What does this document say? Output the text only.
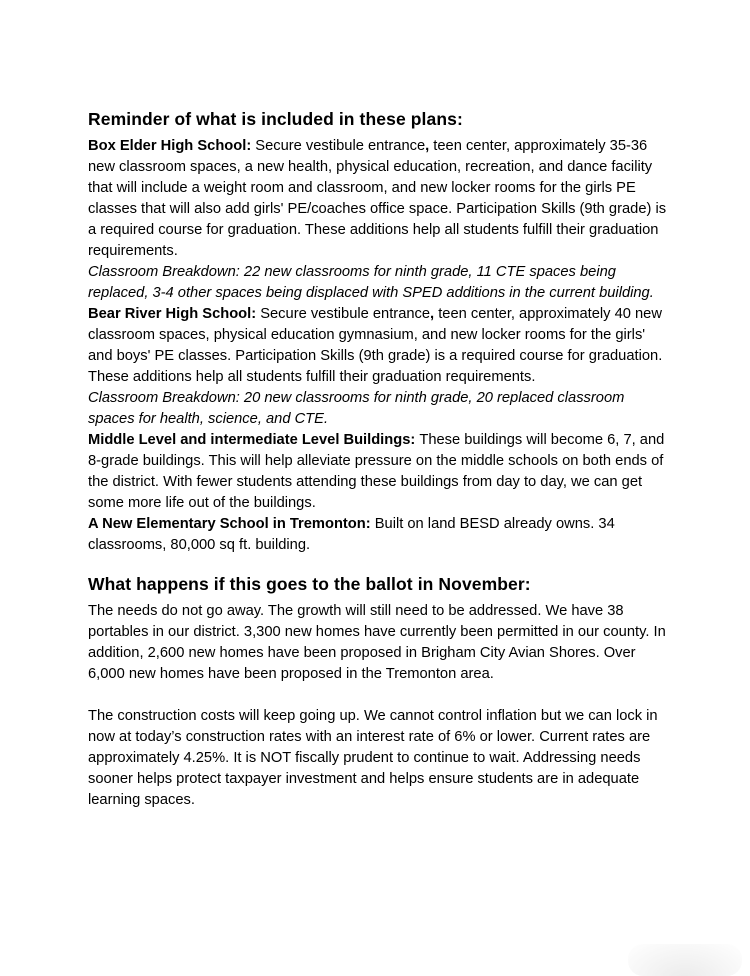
Reminder of what is included in these plans:

Box Elder High School: Secure vestibule entrance, teen center, approximately 35-36 new classroom spaces, a new health, physical education, recreation, and dance facility that will include a weight room and classroom, and new locker rooms for the girls PE classes that will also add girls' PE/coaches office space. Participation Skills (9th grade) is a required course for graduation. These additions help all students fulfill their graduation requirements.

Classroom Breakdown: 22 new classrooms for ninth grade, 11 CTE spaces being replaced, 3-4 other spaces being displaced with SPED additions in the current building.

Bear River High School: Secure vestibule entrance, teen center, approximately 40 new classroom spaces, physical education gymnasium, and new locker rooms for the girls' and boys' PE classes. Participation Skills (9th grade) is a required course for graduation. These additions help all students fulfill their graduation requirements.

Classroom Breakdown: 20 new classrooms for ninth grade, 20 replaced classroom spaces for health, science, and CTE.

Middle Level and intermediate Level Buildings: These buildings will become 6, 7, and 8-grade buildings. This will help alleviate pressure on the middle schools on both ends of the district. With fewer students attending these buildings from day to day, we can get some more life out of the buildings.

A New Elementary School in Tremonton: Built on land BESD already owns. 34 classrooms, 80,000 sq ft. building.

What happens if this goes to the ballot in November:

The needs do not go away. The growth will still need to be addressed. We have 38 portables in our district. 3,300 new homes have currently been permitted in our county. In addition, 2,600 new homes have been proposed in Brigham City Avian Shores. Over 6,000 new homes have been proposed in the Tremonton area.

The construction costs will keep going up. We cannot control inflation but we can lock in now at today’s construction rates with an interest rate of 6% or lower. Current rates are approximately 4.25%. It is NOT fiscally prudent to continue to wait. Addressing needs sooner helps protect taxpayer investment and helps ensure students are in adequate learning spaces.
